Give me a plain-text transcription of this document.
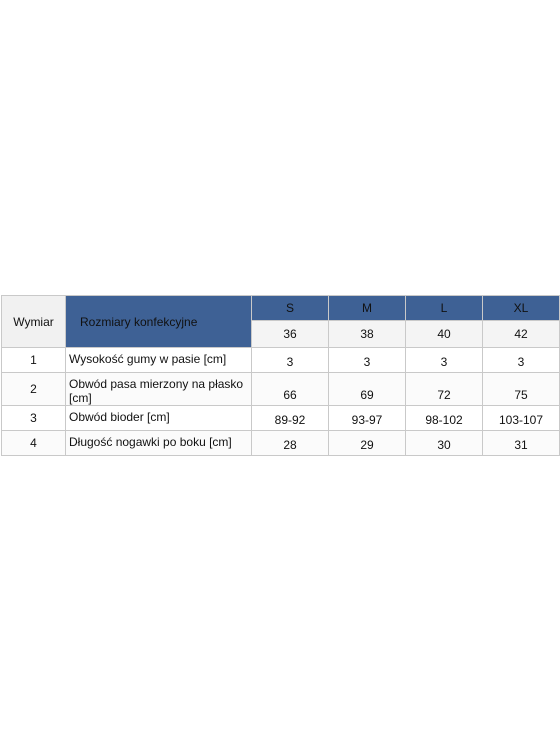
Wymiar	Rozmiary konfekcyjne	S	M	L	XL
		36	38	40	42
1	Wysokość gumy w pasie [cm]	3	3	3	3
2	Obwód pasa mierzony na płasko [cm]	66	69	72	75
3	Obwód bioder [cm]	89-92	93-97	98-102	103-107
4	Długość nogawki po boku [cm]	28	29	30	31
